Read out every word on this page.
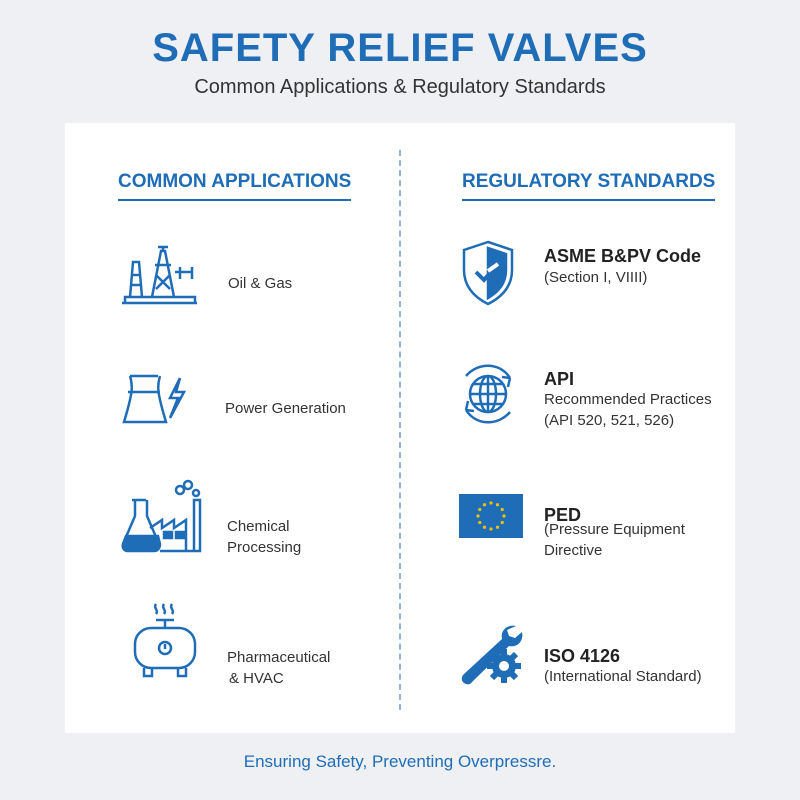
SAFETY RELIEF VALVES
Common Applications & Regulatory Standards
COMMON APPLICATIONS	REGULATORY STANDARDS
Oil & Gas
Power Generation
Chemical
Processing
Pharmaceutical
& HVAC
ASME B&PV Code
(Section I, VIIII)
API
Recommended Practices
(API 520, 521, 526)
PED
(Pressure Equipment
Directive
ISO 4126
(International Standard)
Ensuring Safety, Preventing Overpressre.
